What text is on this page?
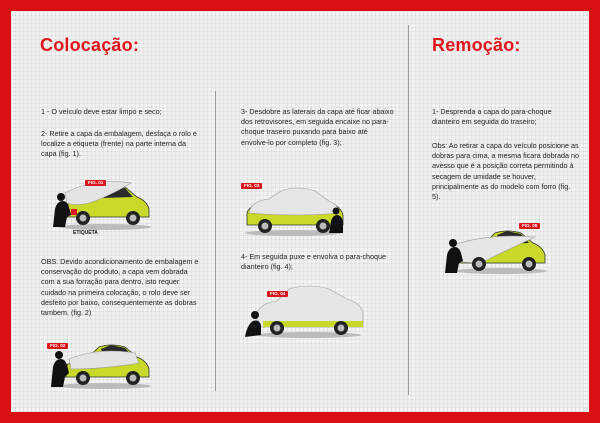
Colocação:	Remoção:

1 - O veículo deve estar limpo e seco;

2- Retire a capa da embalagem, desfaça o rolo e localize a etiqueta (frente) na parte interna da capa (fig. 1).

OBS: Devido acondicionamento de embalagem e conservação do produto, a capa vem dobrada com a sua forração para dentro, isto requer cuidado na primeira colocação, o rolo deve ser desfeito por baixo, consequentemente as dobras tambem. (fig. 2)

3- Desdobre as laterais da capa até ficar abaixo dos retrovisores, em seguida encaixe no para-choque traseiro puxando para baixo até envolve-lo por completo (fig. 3);

4- Em seguida puxe e envolva o para-choque dianteiro (fig. 4);

1- Desprenda a capa do para-choque dianteiro em seguida do traseiro;

Obs: Ao retirar a capa do veículo posicione as dobras para cima, a mesma ficara dobrada no avesso que é a posição correta permitindo à secagem de umidade se houver, principalmente as do modelo com forro (fig. 5).

FIG. 01
ETIQUETA
FIG. 02
FIG. 03
FIG. 04
FIG. 05
